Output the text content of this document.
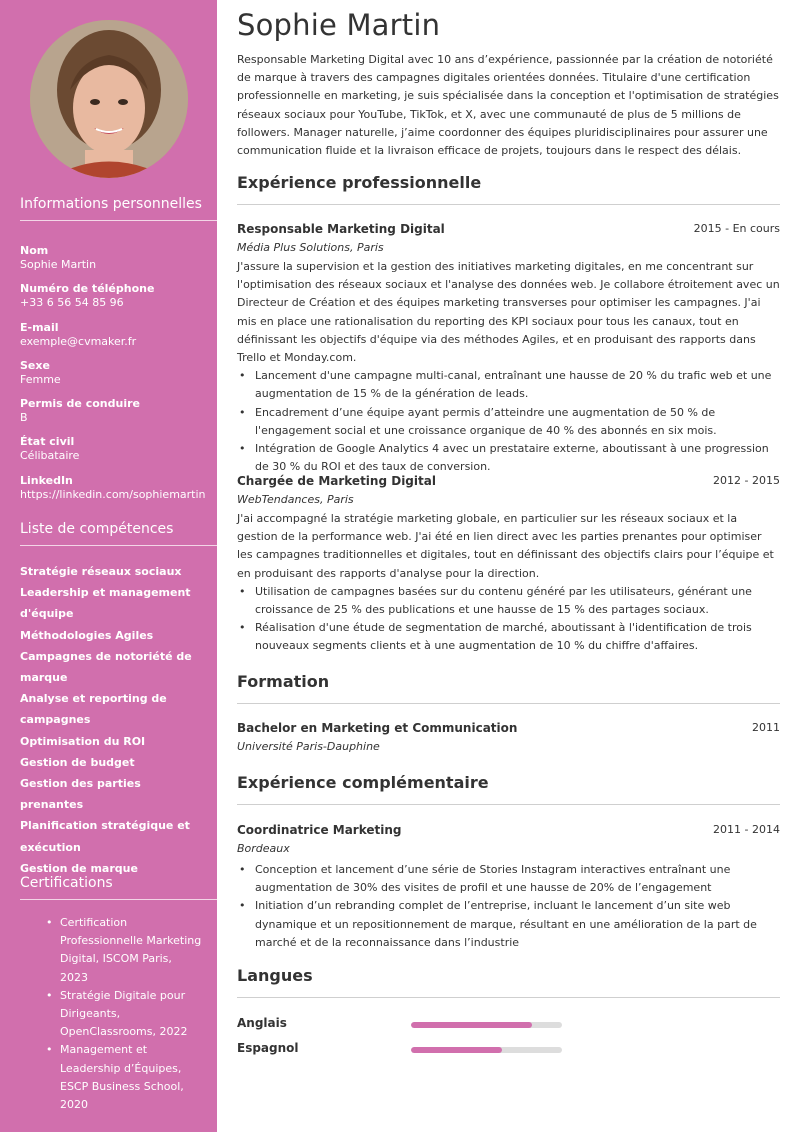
Informations personnelles
Nom
Sophie Martin
Numéro de téléphone
+33 6 56 54 85 96
E-mail
exemple@cvmaker.fr
Sexe
Femme
Permis de conduire
B
État civil
Célibataire
LinkedIn
https://linkedin.com/sophiemartin
Liste de compétences
Stratégie réseaux sociaux
Leadership et management d'équipe
Méthodologies Agiles
Campagnes de notoriété de marque
Analyse et reporting de campagnes
Optimisation du ROI
Gestion de budget
Gestion des parties prenantes
Planification stratégique et exécution
Gestion de marque
Certifications
• Certification Professionnelle Marketing Digital, ISCOM Paris, 2023
• Stratégie Digitale pour Dirigeants, OpenClassrooms, 2022
• Management et Leadership d’Équipes, ESCP Business School, 2020
Sophie Martin

Responsable Marketing Digital avec 10 ans d’expérience, passionnée par la création de notoriété de marque à travers des campagnes digitales orientées données. Titulaire d'une certification professionnelle en marketing, je suis spécialisée dans la conception et l'optimisation de stratégies réseaux sociaux pour YouTube, TikTok, et X, avec une communauté de plus de 5 millions de followers. Manager naturelle, j’aime coordonner des équipes pluridisciplinaires pour assurer une communication fluide et la livraison efficace de projets, toujours dans le respect des délais.

Expérience professionnelle
Responsable Marketing Digital	2015 - En cours
Média Plus Solutions, Paris

J'assure la supervision et la gestion des initiatives marketing digitales, en me concentrant sur l'optimisation des réseaux sociaux et l'analyse des données web. Je collabore étroitement avec un Directeur de Création et des équipes marketing transverses pour optimiser les campagnes. J'ai mis en place une rationalisation du reporting des KPI sociaux pour tous les canaux, tout en définissant les objectifs d'équipe via des méthodes Agiles, et en produisant des rapports dans Trello et Monday.com.

• Lancement d'une campagne multi-canal, entraînant une hausse de 20 % du trafic web et une augmentation de 15 % de la génération de leads.
• Encadrement d’une équipe ayant permis d’atteindre une augmentation de 50 % de l'engagement social et une croissance organique de 40 % des abonnés en six mois.
• Intégration de Google Analytics 4 avec un prestataire externe, aboutissant à une progression de 30 % du ROI et des taux de conversion.
Chargée de Marketing Digital	2012 - 2015
WebTendances, Paris

J'ai accompagné la stratégie marketing globale, en particulier sur les réseaux sociaux et la gestion de la performance web. J'ai été en lien direct avec les parties prenantes pour optimiser les campagnes traditionnelles et digitales, tout en définissant des objectifs clairs pour l’équipe et en produisant des rapports d'analyse pour la direction.

• Utilisation de campagnes basées sur du contenu généré par les utilisateurs, générant une croissance de 25 % des publications et une hausse de 15 % des partages sociaux.
• Réalisation d'une étude de segmentation de marché, aboutissant à l'identification de trois nouveaux segments clients et à une augmentation de 10 % du chiffre d'affaires.
Formation
Bachelor en Marketing et Communication	2011
Université Paris-Dauphine
Expérience complémentaire
Coordinatrice Marketing	2011 - 2014
Bordeaux
• Conception et lancement d’une série de Stories Instagram interactives entraînant une augmentation de 30% des visites de profil et une hausse de 20% de l’engagement
• Initiation d’un rebranding complet de l’entreprise, incluant le lancement d’un site web dynamique et un repositionnement de marque, résultant en une amélioration de la part de marché et de la reconnaissance dans l’industrie
Langues
Anglais
Espagnol
